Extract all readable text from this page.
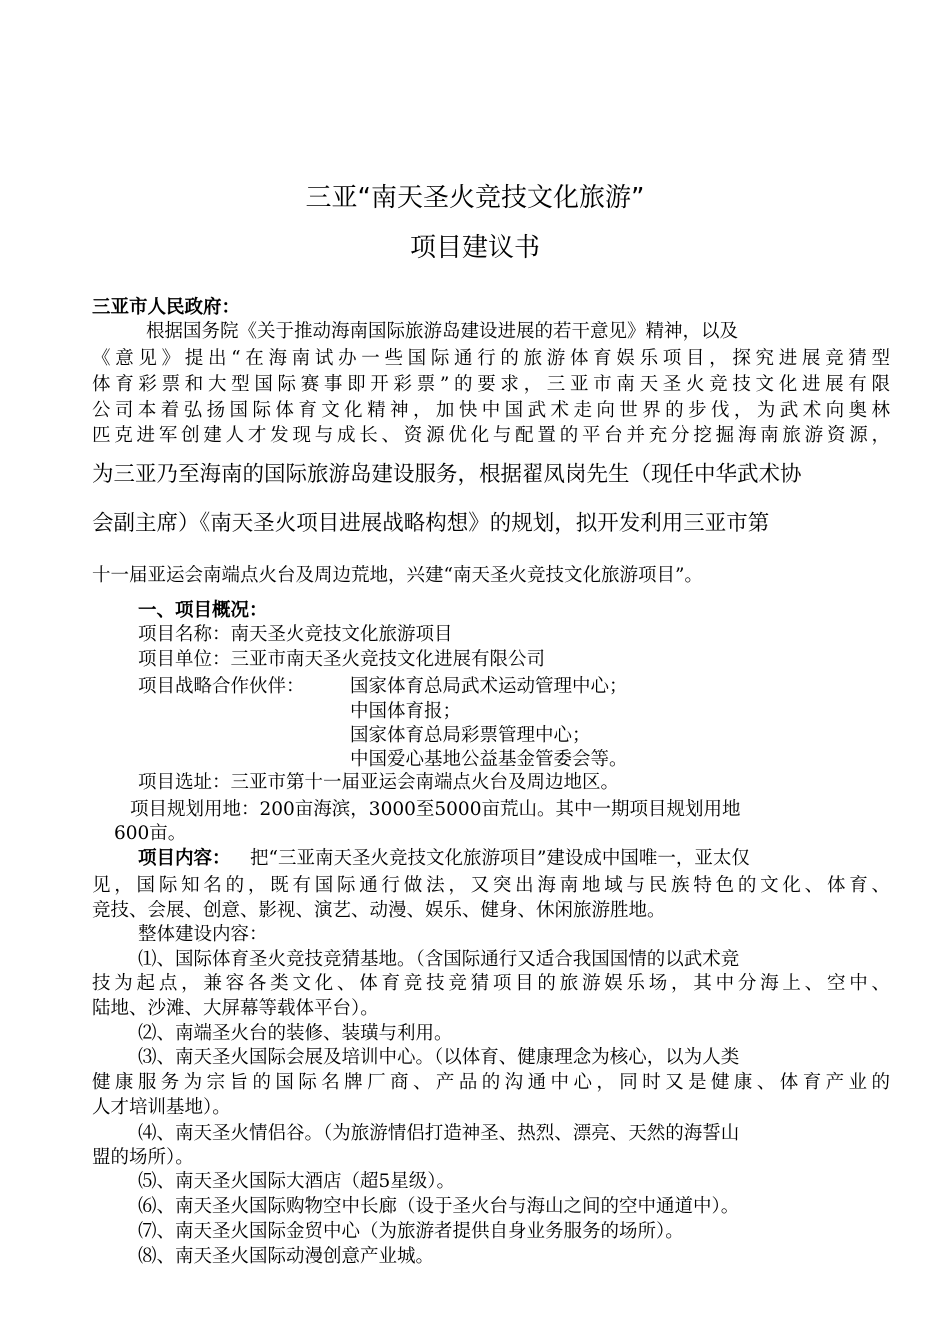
三亚“南天圣火竞技文化旅游”
项目建议书

三亚市人民政府：

根据国务院《关于推动海南国际旅游岛建设进展的若干意见》精神，以及

《意见》提出“在海南试办一些国际通行的旅游体育娱乐项目，探究进展竞猜型

体育彩票和大型国际赛事即开彩票”的要求，三亚市南天圣火竞技文化进展有限

公司本着弘扬国际体育文化精神，加快中国武术走向世界的步伐，为武术向奥林

匹克进军创建人才发现与成长、资源优化与配置的平台并充分挖掘海南旅游资源，

为三亚乃至海南的国际旅游岛建设服务，根据翟凤岗先生（现任中华武术协

会副主席）《南天圣火项目进展战略构想》的规划，拟开发利用三亚市第

十一届亚运会南端点火台及周边荒地，兴建“南天圣火竞技文化旅游项目”。

一、项目概况：

项目名称：南天圣火竞技文化旅游项目

项目单位：三亚市南天圣火竞技文化进展有限公司

项目战略合作伙伴： 国家体育总局武术运动管理中心；

中国体育报；

国家体育总局彩票管理中心；

中国爱心基地公益基金管委会等。

项目选址：三亚市第十一届亚运会南端点火台及周边地区。

项目规划用地：200亩海滨，3000至5000亩荒山。其中一期项目规划用地

600亩。

项目内容： 把“三亚南天圣火竞技文化旅游项目”建设成中国唯一，亚太仅

见，国际知名的，既有国际通行做法，又突出海南地域与民族特色的文化、体育、

竞技、会展、创意、影视、演艺、动漫、娱乐、健身、休闲旅游胜地。

整体建设内容：

⑴、国际体育圣火竞技竞猜基地。（含国际通行又适合我国国情的以武术竞

技为起点，兼容各类文化、体育竞技竞猜项目的旅游娱乐场，其中分海上、空中、

陆地、沙滩、大屏幕等载体平台）。

⑵、南端圣火台的装修、装璜与利用。

⑶、南天圣火国际会展及培训中心。（以体育、健康理念为核心，以为人类

健康服务为宗旨的国际名牌厂商、产品的沟通中心，同时又是健康、体育产业的

人才培训基地）。

⑷、南天圣火情侣谷。（为旅游情侣打造神圣、热烈、漂亮、天然的海誓山

盟的场所）。

⑸、南天圣火国际大酒店（超5星级）。

⑹、南天圣火国际购物空中长廊（设于圣火台与海山之间的空中通道中）。

⑺、南天圣火国际金贸中心（为旅游者提供自身业务服务的场所）。

⑻、南天圣火国际动漫创意产业城。
